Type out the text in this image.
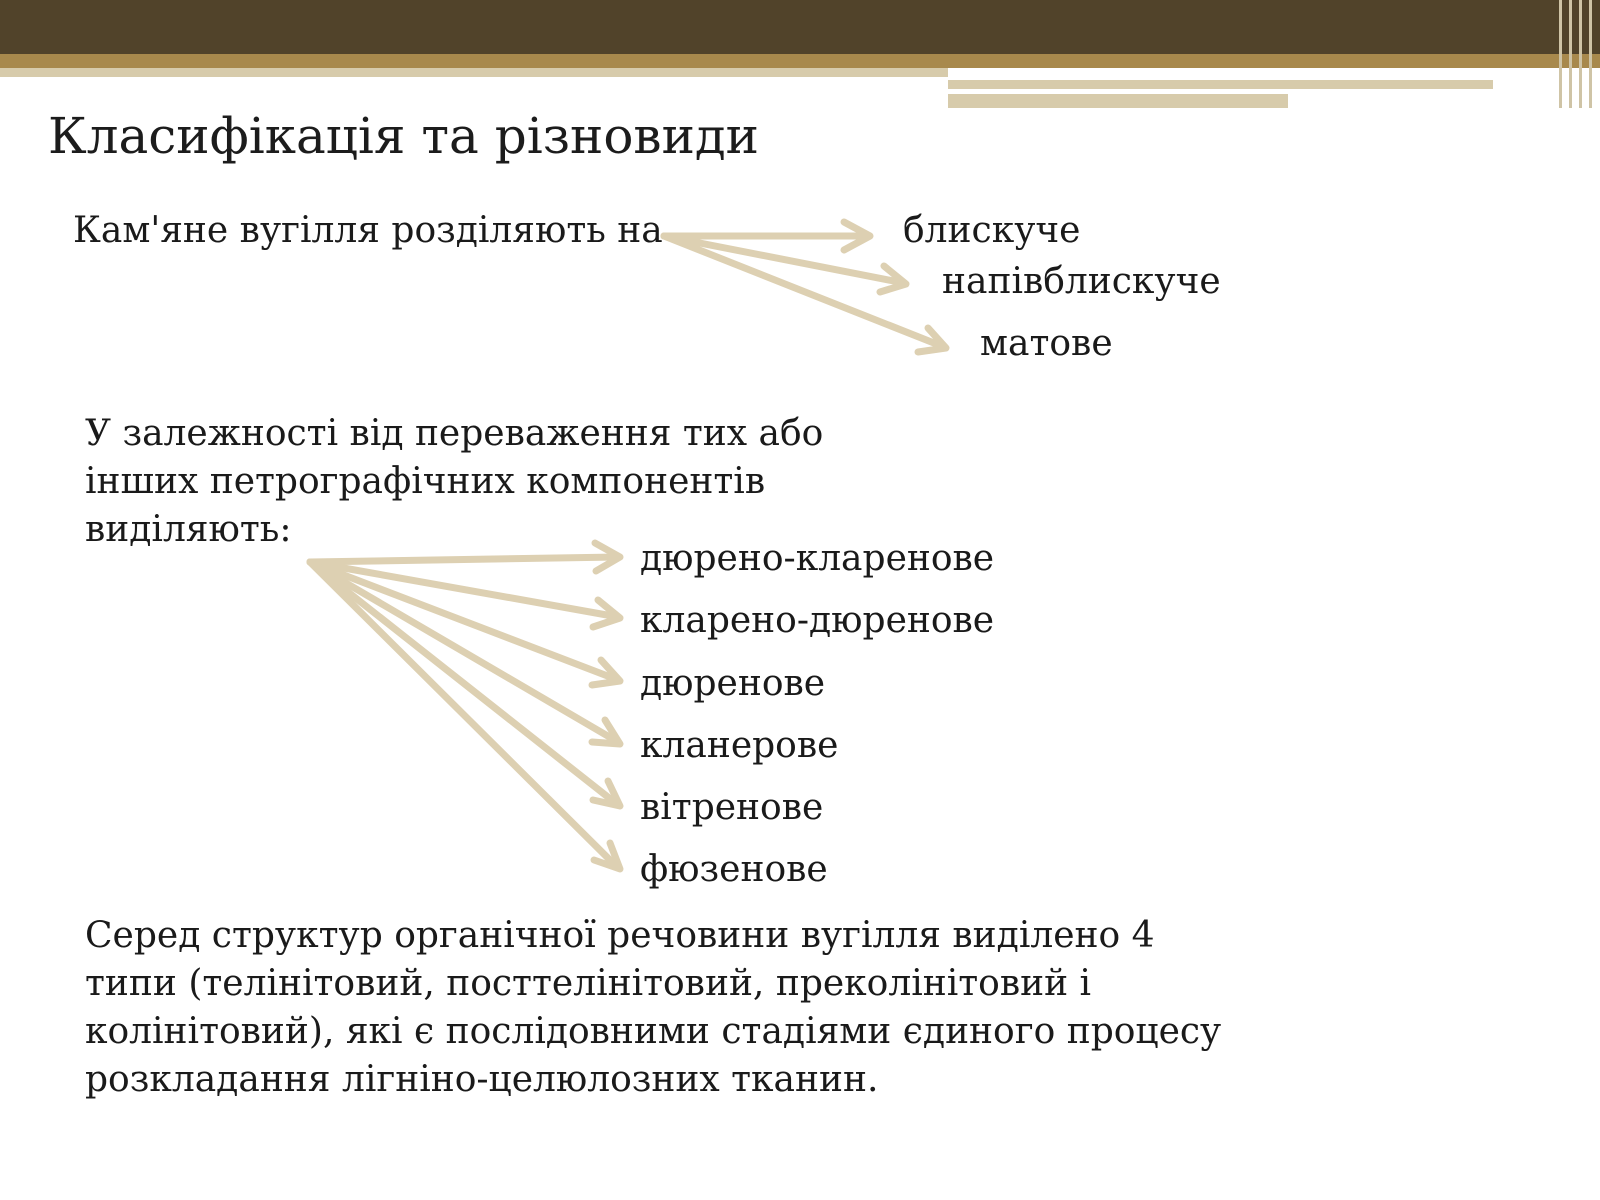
Класифікація та різновиди
Кам'яне вугілля розділяють на	блискуче
напівблискуче
матове
У залежності від переваження тих або
інших петрографічних компонентів
виділяють:
дюрено-кларенове
кларено-дюренове
дюренове
кланерове
вітренове
фюзенове
Серед структур органічної речовини вугілля виділено 4
типи (телінітовий, посттелінітовий, преколінітовий і
колінітовий), які є послідовними стадіями єдиного процесу
розкладання лігніно-целюлозних тканин.
